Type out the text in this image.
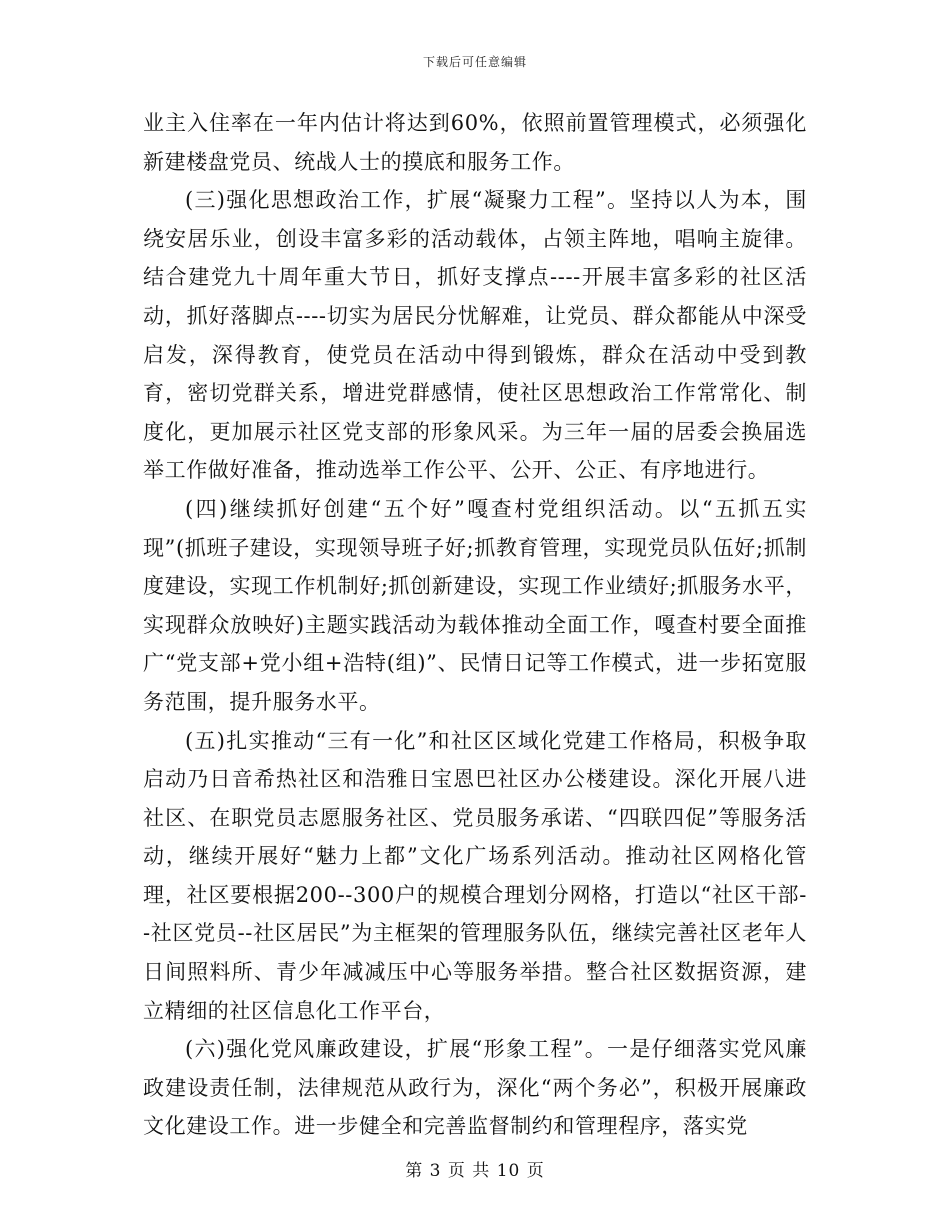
下载后可任意编辑

业主入住率在一年内估计将达到60%，依照前置管理模式，必须强化新建楼盘党员、统战人士的摸底和服务工作。

(三)强化思想政治工作，扩展“凝聚力工程”。坚持以人为本，围绕安居乐业，创设丰富多彩的活动载体，占领主阵地，唱响主旋律。结合建党九十周年重大节日，抓好支撑点----开展丰富多彩的社区活动，抓好落脚点----切实为居民分忧解难，让党员、群众都能从中深受启发，深得教育，使党员在活动中得到锻炼，群众在活动中受到教育，密切党群关系，增进党群感情，使社区思想政治工作常常化、制度化，更加展示社区党支部的形象风采。为三年一届的居委会换届选举工作做好准备，推动选举工作公平、公开、公正、有序地进行。

(四)继续抓好创建“五个好”嘎查村党组织活动。以“五抓五实现”(抓班子建设，实现领导班子好;抓教育管理，实现党员队伍好;抓制度建设，实现工作机制好;抓创新建设，实现工作业绩好;抓服务水平，实现群众放映好)主题实践活动为载体推动全面工作，嘎查村要全面推广“党支部+党小组+浩特(组)”、民情日记等工作模式，进一步拓宽服务范围，提升服务水平。

(五)扎实推动“三有一化”和社区区域化党建工作格局，积极争取启动乃日音希热社区和浩雅日宝恩巴社区办公楼建设。深化开展八进社区、在职党员志愿服务社区、党员服务承诺、“四联四促”等服务活动，继续开展好“魅力上都”文化广场系列活动。推动社区网格化管理，社区要根据200--300户的规模合理划分网格，打造以“社区干部--社区党员--社区居民”为主框架的管理服务队伍，继续完善社区老年人日间照料所、青少年减减压中心等服务举措。整合社区数据资源，建立精细的社区信息化工作平台，

(六)强化党风廉政建设，扩展“形象工程”。一是仔细落实党风廉政建设责任制，法律规范从政行为，深化“两个务必”，积极开展廉政文化建设工作。进一步健全和完善监督制约和管理程序，落实党

第 3 页 共 10 页
